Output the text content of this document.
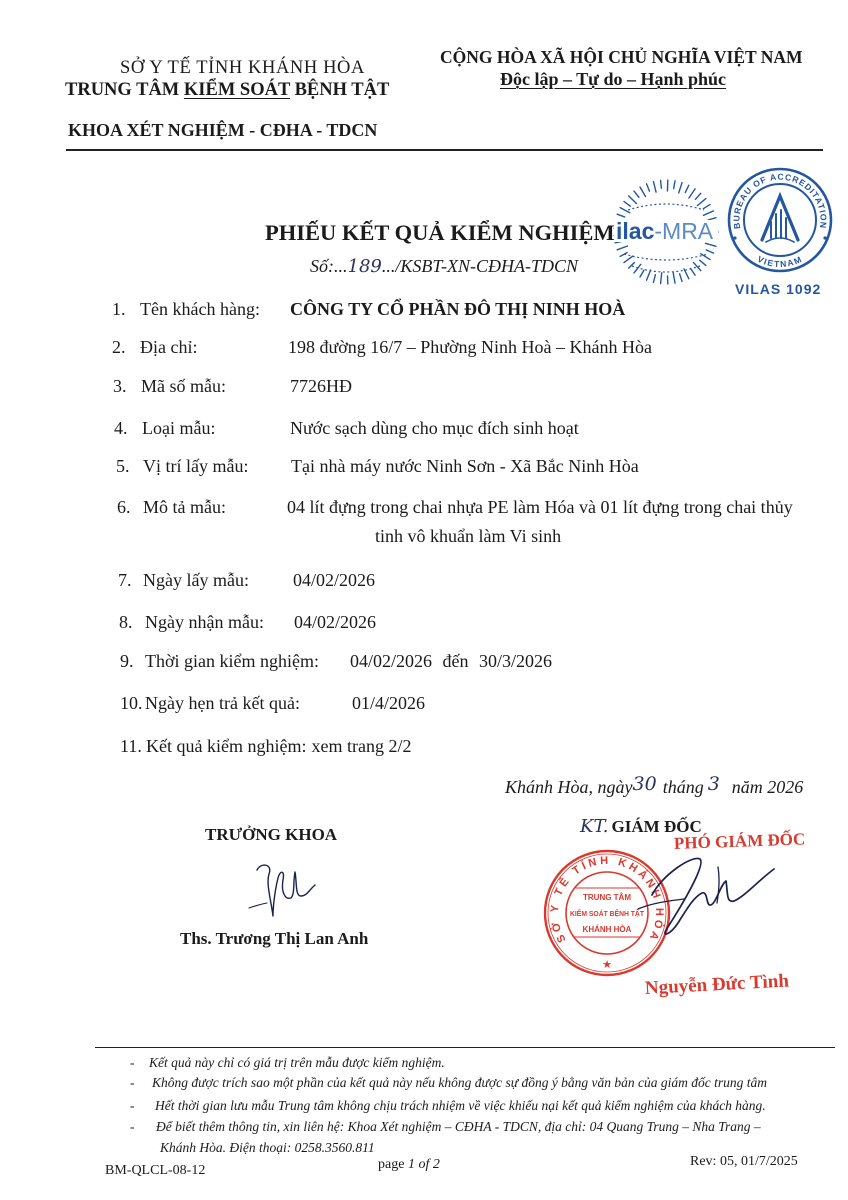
SỞ Y TẾ TỈNH KHÁNH HÒA
TRUNG TÂM KIỂM SOÁT BỆNH TẬT
KHOA XÉT NGHIỆM - CĐHA - TDCN
CỘNG HÒA XÃ HỘI CHỦ NGHĨA VIỆT NAM
Độc lập – Tự do – Hạnh phúc
ilac-MRA BUREAU OF ACCREDITATION
VIETNAM
VILAS 1092
PHIẾU KẾT QUẢ KIỂM NGHIỆM
Số:...189.../KSBT-XN-CĐHA-TDCN
1. Tên khách hàng: CÔNG TY CỔ PHẦN ĐÔ THỊ NINH HOÀ
2. Địa chỉ:	198 đường 16/7 – Phường Ninh Hoà – Khánh Hòa
3. Mã số mẫu:	7726HĐ
4. Loại mẫu:	Nước sạch dùng cho mục đích sinh hoạt
5. Vị trí lấy mẫu: Tại nhà máy nước Ninh Sơn - Xã Bắc Ninh Hòa
6. Mô tả mẫu:	04 lít đựng trong chai nhựa PE làm Hóa và 01 lít đựng trong chai thủy
tinh vô khuẩn làm Vi sinh
7. Ngày lấy mẫu: 04/02/2026
8. Ngày nhận mẫu: 04/02/2026
9. Thời gian kiểm nghiệm: 04/02/2026 đến 30/3/2026
10. Ngày hẹn trả kết quả:	01/4/2026
11. Kết quả kiểm nghiệm: xem trang 2/2
Khánh Hòa, ngày30 tháng 3 năm 2026
TRƯỞNG KHOA
Ths. Trương Thị Lan Anh
KT. GIÁM ĐỐC
SỞ Y TẾ TỈNH KHÁNH HÒA
TRUNG TÂM
KIỂM SOÁT BỆNH TẬT
KHÁNH HÒA
★
PHÓ GIÁM ĐỐC
Nguyễn Đức Tình
- Kết quả này chỉ có giá trị trên mẫu được kiểm nghiệm.
- Không được trích sao một phần của kết quả này nếu không được sự đồng ý bằng văn bản của giám đốc trung tâm
- Hết thời gian lưu mẫu Trung tâm không chịu trách nhiệm về việc khiếu nại kết quả kiểm nghiệm của khách hàng.
- Để biết thêm thông tin, xin liên hệ: Khoa Xét nghiệm – CĐHA - TDCN, địa chỉ: 04 Quang Trung – Nha Trang –
Khánh Hòa. Điện thoại: 0258.3560.811
BM-QLCL-08-12	page 1 of 2	Rev: 05, 01/7/2025
